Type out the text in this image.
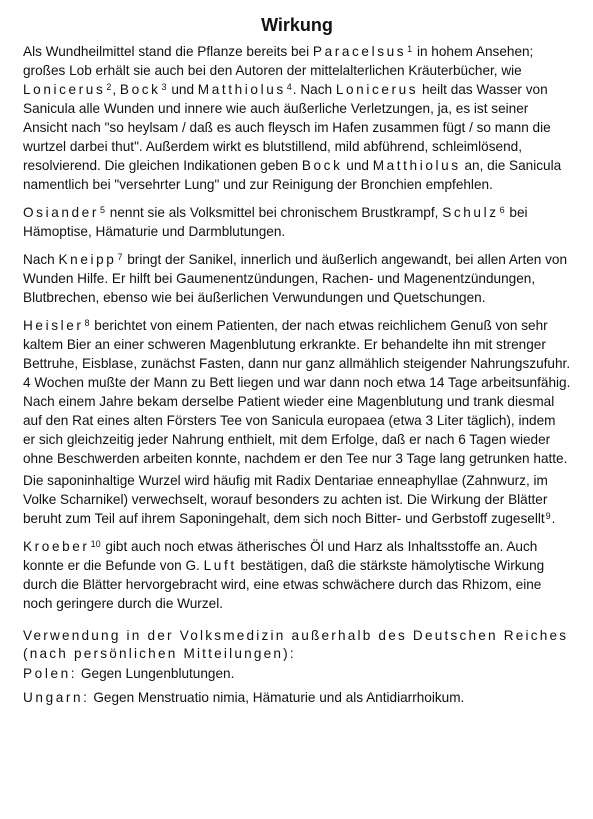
Wirkung

Als Wundheilmittel stand die Pflanze bereits bei Paracelsus$^1$ in hohem Ansehen; großes Lob erhält sie auch bei den Autoren der mittelalterlichen Kräuterbücher, wie Lonicerus$^2$, Bock$^3$ und Matthiolus$^4$. Nach Lonicerus heilt das Wasser von Sanicula alle Wunden und innere wie auch äußerliche Verletzungen, ja, es ist seiner Ansicht nach "so heylsam / daß es auch fleysch im Hafen zusammen fügt / so mann die wurtzel darbei thut". Außerdem wirkt es blutstillend, mild abführend, schleimlösend, resolvierend. Die gleichen Indikationen geben Bock und Matthiolus an, die Sanicula namentlich bei "versehrter Lung" und zur Reinigung der Bronchien empfehlen.

Osiander$^5$ nennt sie als Volksmittel bei chronischem Brustkrampf, Schulz$^6$ bei Hämoptise, Hämaturie und Darmblutungen.

Nach Kneipp$^7$ bringt der Sanikel, innerlich und äußerlich angewandt, bei allen Arten von Wunden Hilfe. Er hilft bei Gaumenentzündungen, Rachen- und Magenentzündungen, Blutbrechen, ebenso wie bei äußerlichen Verwundungen und Quetschungen.

Heisler$^8$ berichtet von einem Patienten, der nach etwas reichlichem Genuß von sehr kaltem Bier an einer schweren Magenblutung erkrankte. Er behandelte ihn mit strenger Bettruhe, Eisblase, zunächst Fasten, dann nur ganz allmählich steigender Nahrungszufuhr. 4 Wochen mußte der Mann zu Bett liegen und war dann noch etwa 14 Tage arbeitsunfähig. Nach einem Jahre bekam derselbe Patient wieder eine Magenblutung und trank diesmal auf den Rat eines alten Försters Tee von Sanicula europaea (etwa 3 Liter täglich), indem er sich gleichzeitig jeder Nahrung enthielt, mit dem Erfolge, daß er nach 6 Tagen wieder ohne Beschwerden arbeiten konnte, nachdem er den Tee nur 3 Tage lang getrunken hatte.

Die saponinhaltige Wurzel wird häufig mit Radix Dentariae enneaphyllae (Zahnwurz, im Volke Scharnikel) verwechselt, worauf besonders zu achten ist. Die Wirkung der Blätter beruht zum Teil auf ihrem Saponingehalt, dem sich noch Bitter- und Gerbstoff zugesellt$^9$.

Kroeber$^{10}$ gibt auch noch etwas ätherisches Öl und Harz als Inhaltsstoffe an. Auch konnte er die Befunde von G. Luft bestätigen, daß die stärkste hämolytische Wirkung durch die Blätter hervorgebracht wird, eine etwas schwächere durch das Rhizom, eine noch geringere durch die Wurzel.

Verwendung in der Volksmedizin außerhalb des Deutschen Reiches (nach persönlichen Mitteilungen):
Polen: Gegen Lungenblutungen.
Ungarn: Gegen Menstruatio nimia, Hämaturie und als Antidiarrhoikum.
